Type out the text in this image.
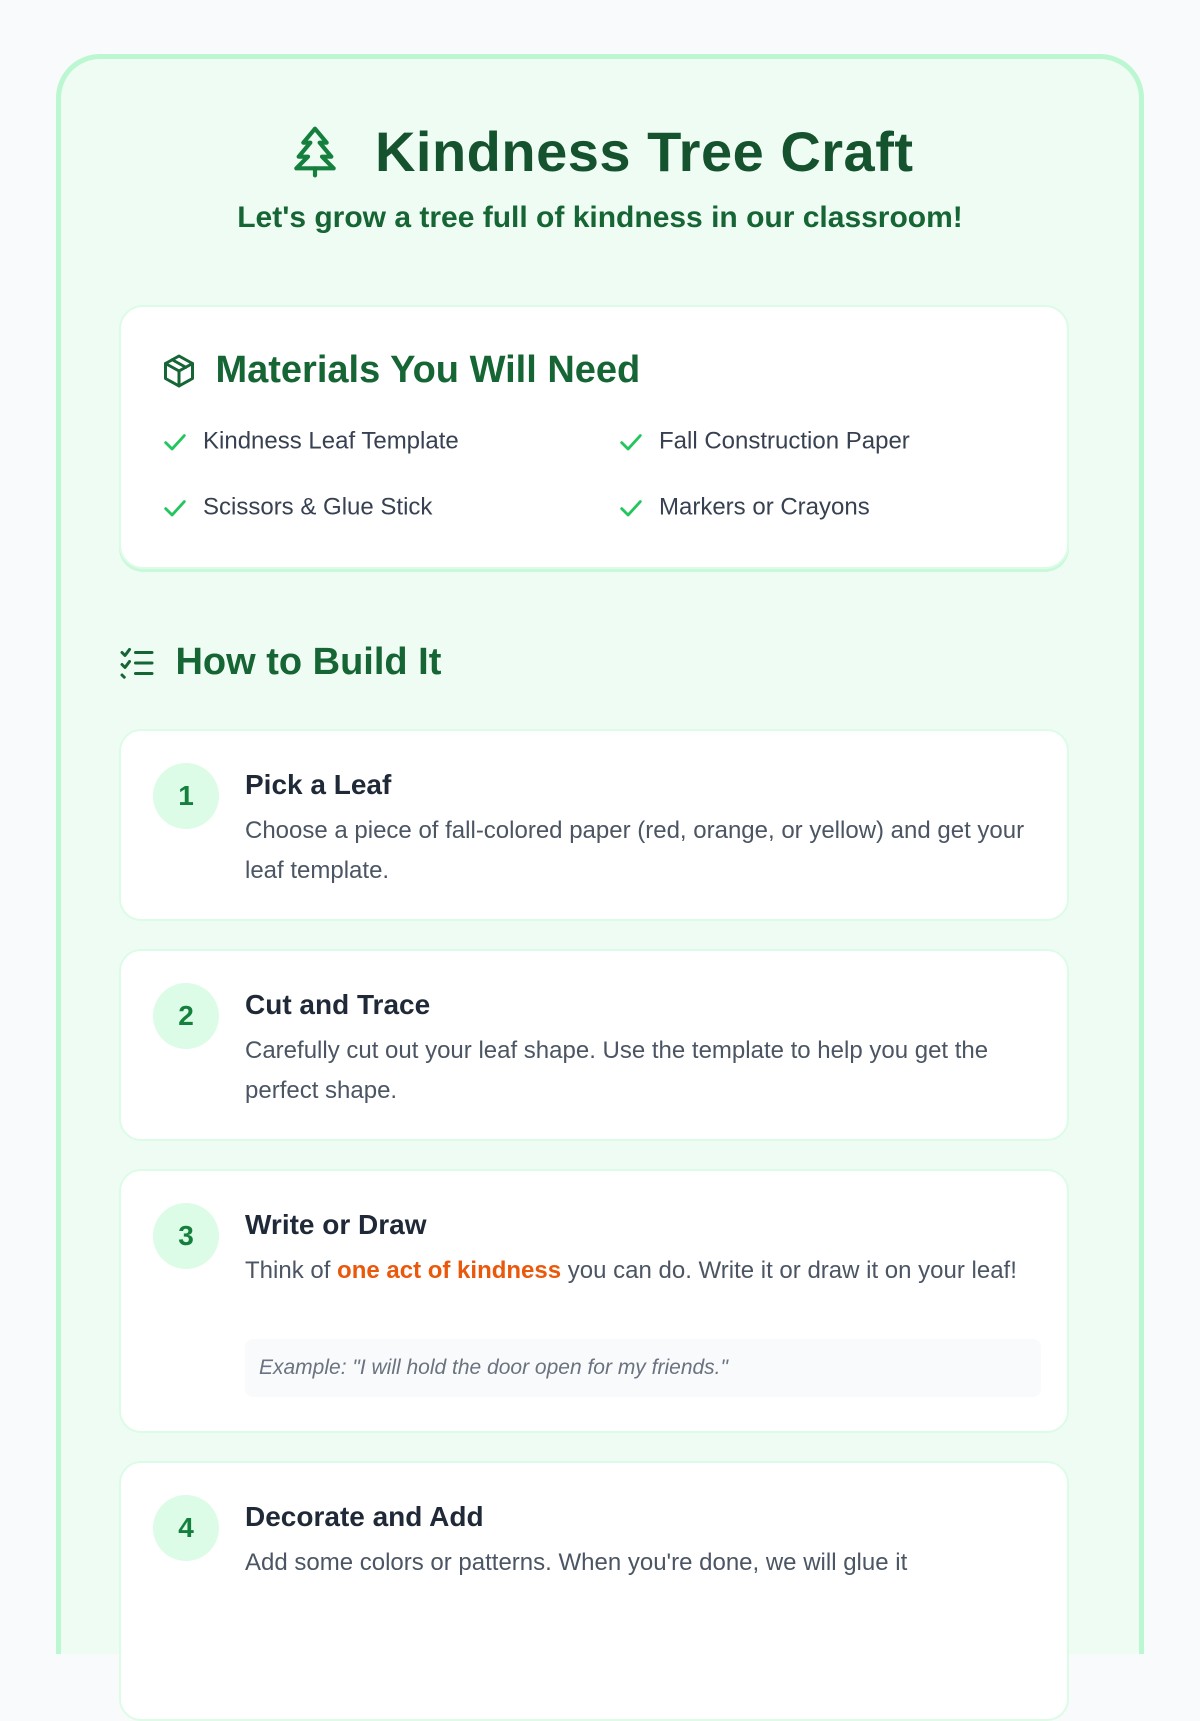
Kindness Tree Craft
Let's grow a tree full of kindness in our classroom!
Materials You Will Need
Kindness Leaf Template	Fall Construction Paper
Scissors & Glue Stick	Markers or Crayons
How to Build It
1	Pick a Leaf
Choose a piece of fall-colored paper (red, orange, or yellow) and get your leaf template.
2	Cut and Trace
Carefully cut out your leaf shape. Use the template to help you get the perfect shape.
3	Write or Draw
Think of one act of kindness you can do. Write it or draw it on your leaf!
Example: "I will hold the door open for my friends."
4	Decorate and Add
Add some colors or patterns. When you're done, we will glue it
